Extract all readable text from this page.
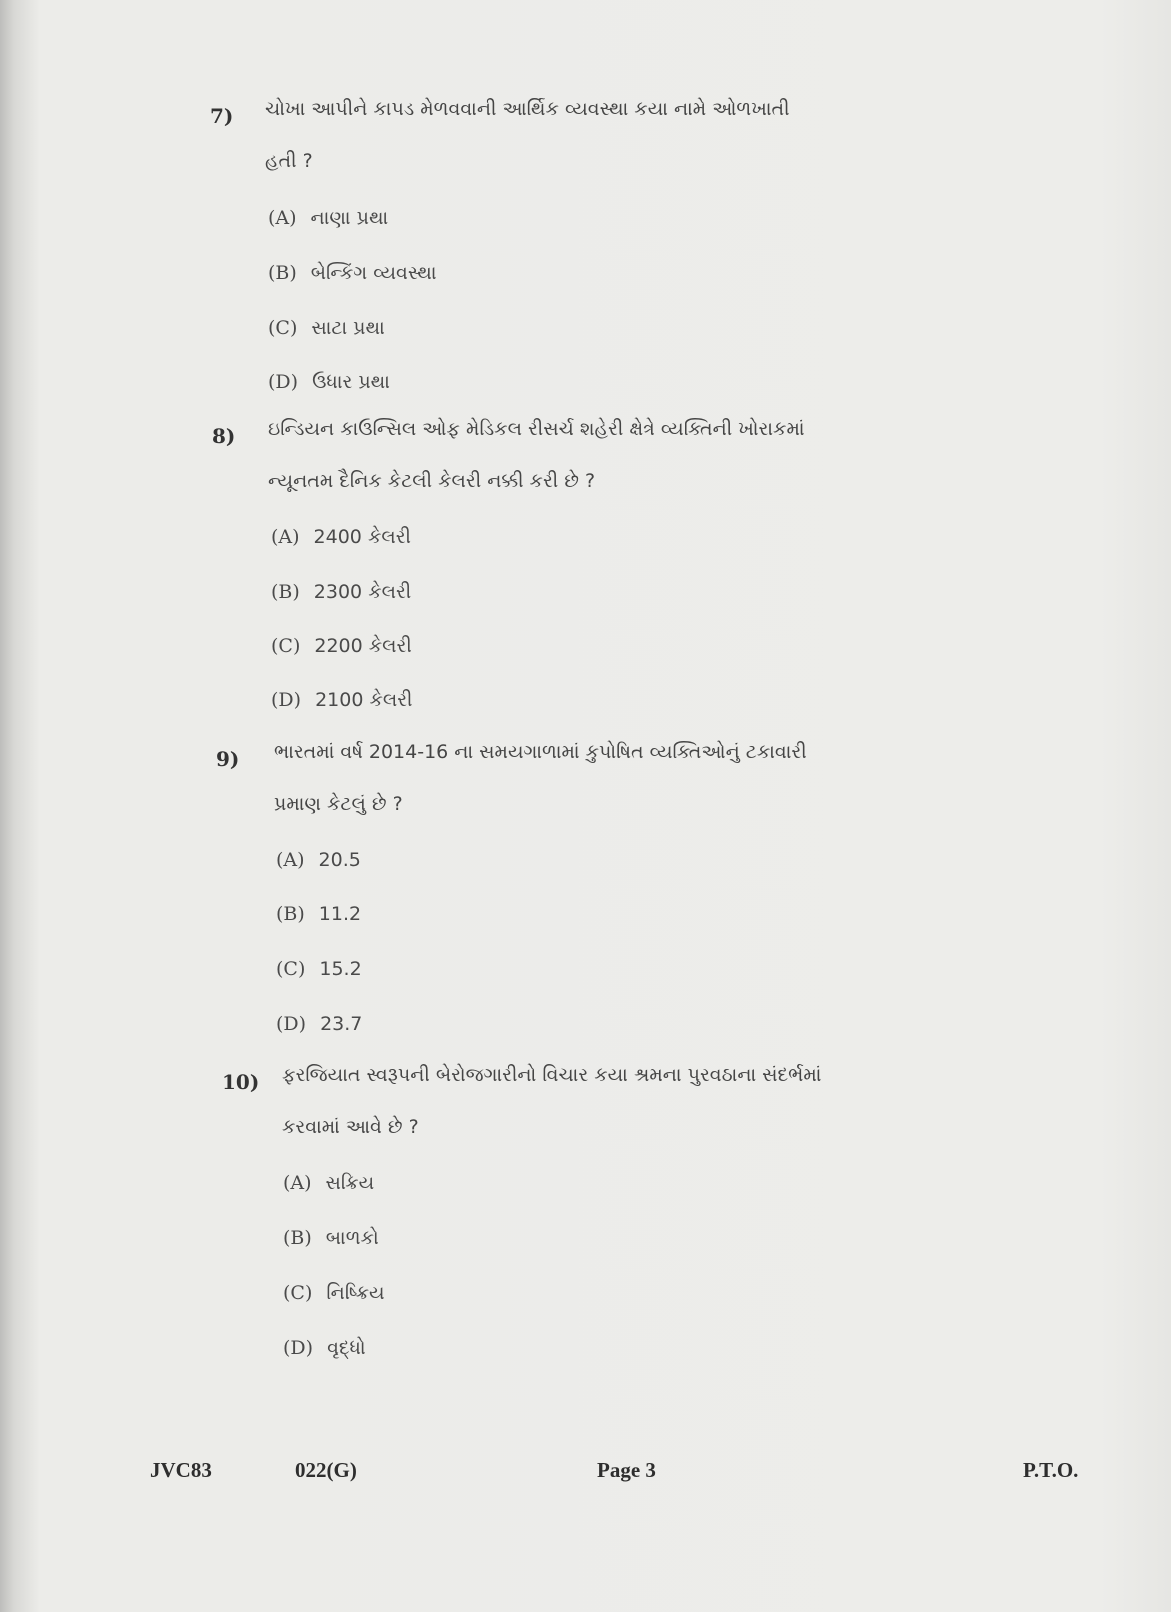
7) ચોખા આપીને કાપડ મેળવવાની આર્થિક વ્યવસ્થા કયા નામે ઓળખાતી
હતી ?
(A) નાણા પ્રથા
(B) બેન્કિંગ વ્યવસ્થા
(C) સાટા પ્રથા
(D) ઉધાર પ્રથા
8) ઇન્ડિયન કાઉન્સિલ ઓફ મેડિકલ રીસર્ચ શહેરી ક્ષેત્રે વ્યક્તિની ખોરાકમાં
ન્યૂનતમ દૈનિક કેટલી કેલરી નક્કી કરી છે ?
(A) 2400 કેલરી
(B) 2300 કેલરી
(C) 2200 કેલરી
(D) 2100 કેલરી
9) ભારતમાં વર્ષ 2014-16 ના સમયગાળામાં કુપોષિત વ્યક્તિઓનું ટકાવારી
પ્રમાણ કેટલું છે ?
(A) 20.5
(B) 11.2
(C) 15.2
(D) 23.7
10) ફરજિયાત સ્વરૂપની બેરોજગારીનો વિચાર કયા શ્રમના પુરવઠાના સંદર્ભમાં
કરવામાં આવે છે ?
(A) સક્રિય
(B) બાળકો
(C) નિષ્ક્રિય
(D) વૃદ્ધો
JVC83	022(G)	Page 3	P.T.O.
